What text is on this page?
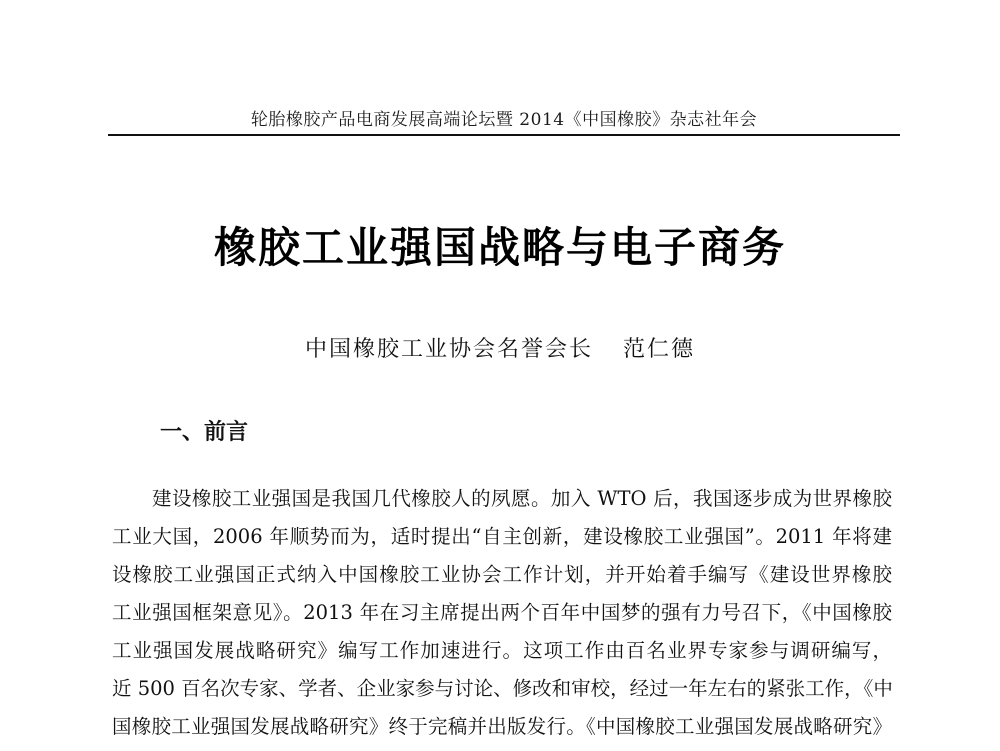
轮胎橡胶产品电商发展高端论坛暨 2014《中国橡胶》杂志社年会
橡胶工业强国战略与电子商务
中国橡胶工业协会名誉会长 范仁德
一、前言
建设橡胶工业强国是我国几代橡胶人的夙愿。加入 WTO 后，我国逐步成为世界橡胶
工业大国，2006 年顺势而为，适时提出“自主创新，建设橡胶工业强国”。2011 年将建
设橡胶工业强国正式纳入中国橡胶工业协会工作计划，并开始着手编写《建设世界橡胶
工业强国框架意见》。2013 年在习主席提出两个百年中国梦的强有力号召下，《中国橡胶
工业强国发展战略研究》编写工作加速进行。这项工作由百名业界专家参与调研编写，
近 500 百名次专家、学者、企业家参与讨论、修改和审校，经过一年左右的紧张工作，《中
国橡胶工业强国发展战略研究》终于完稿并出版发行。《中国橡胶工业强国发展战略研究》
